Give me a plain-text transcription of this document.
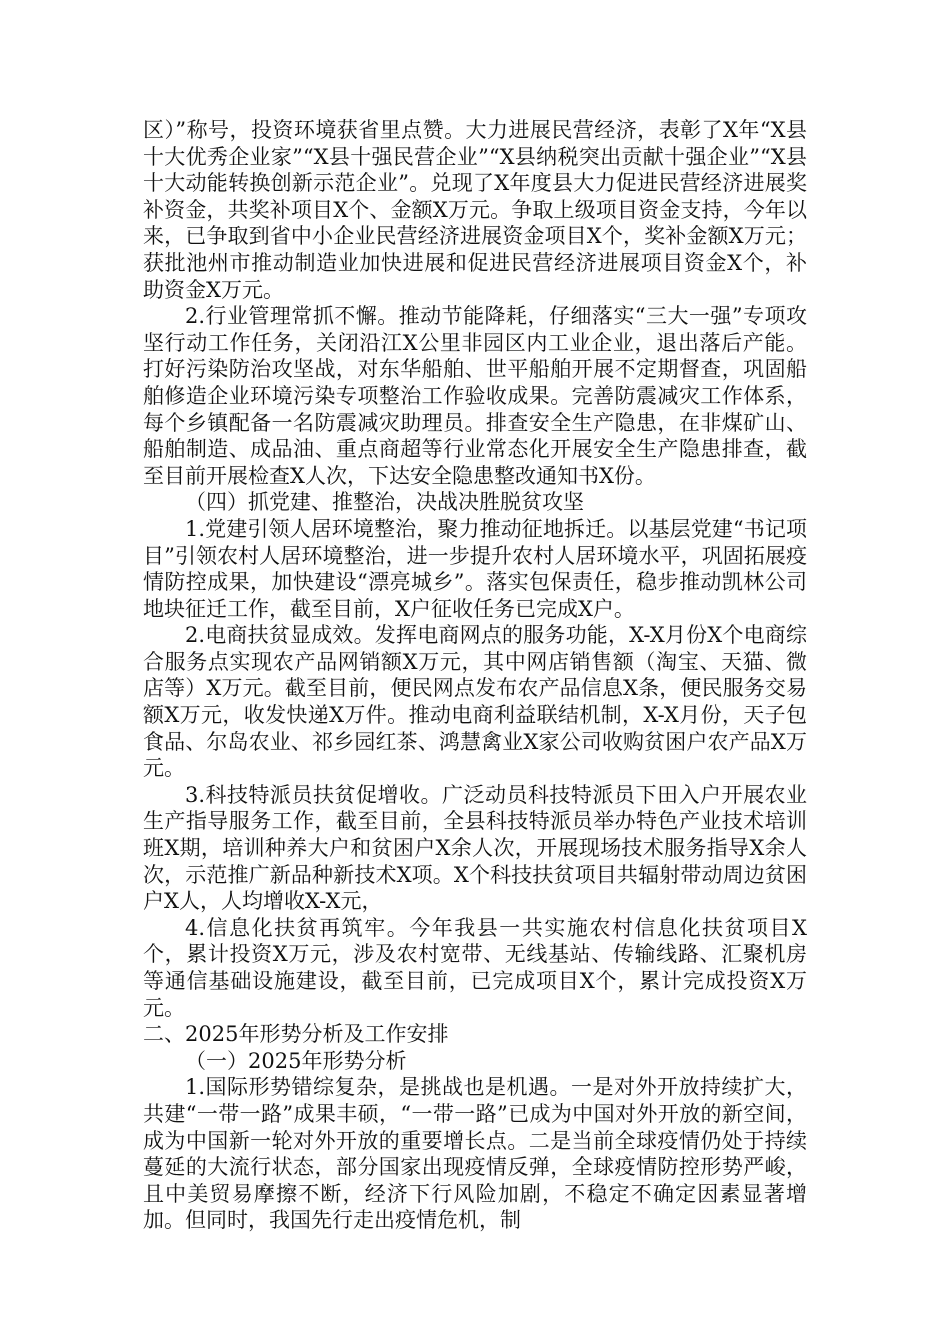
区）”称号，投资环境获省里点赞。大力进展民营经济，表彰了X年“X县十大优秀企业家”“X县十强民营企业”“X县纳税突出贡献十强企业”“X县十大动能转换创新示范企业”。兑现了X年度县大力促进民营经济进展奖补资金，共奖补项目X个、金额X万元。争取上级项目资金支持，今年以来，已争取到省中小企业民营经济进展资金项目X个，奖补金额X万元；获批池州市推动制造业加快进展和促进民营经济进展项目资金X个，补助资金X万元。

2.行业管理常抓不懈。推动节能降耗，仔细落实“三大一强”专项攻坚行动工作任务，关闭沿江X公里非园区内工业企业，退出落后产能。打好污染防治攻坚战，对东华船舶、世平船舶开展不定期督查，巩固船舶修造企业环境污染专项整治工作验收成果。完善防震减灾工作体系，每个乡镇配备一名防震减灾助理员。排查安全生产隐患，在非煤矿山、船舶制造、成品油、重点商超等行业常态化开展安全生产隐患排查，截至目前开展检查X人次，下达安全隐患整改通知书X份。

（四）抓党建、推整治，决战决胜脱贫攻坚

1.党建引领人居环境整治，聚力推动征地拆迁。以基层党建“书记项目”引领农村人居环境整治，进一步提升农村人居环境水平，巩固拓展疫情防控成果，加快建设“漂亮城乡”。落实包保责任，稳步推动凯林公司地块征迁工作，截至目前，X户征收任务已完成X户。

2.电商扶贫显成效。发挥电商网点的服务功能，X-X月份X个电商综合服务点实现农产品网销额X万元，其中网店销售额（淘宝、天猫、微店等）X万元。截至目前，便民网点发布农产品信息X条，便民服务交易额X万元，收发快递X万件。推动电商利益联结机制，X-X月份，天子包食品、尔岛农业、祁乡园红茶、鸿慧禽业X家公司收购贫困户农产品X万元。

3.科技特派员扶贫促增收。广泛动员科技特派员下田入户开展农业生产指导服务工作，截至目前，全县科技特派员举办特色产业技术培训班X期，培训种养大户和贫困户X余人次，开展现场技术服务指导X余人次，示范推广新品种新技术X项。X个科技扶贫项目共辐射带动周边贫困户X人，人均增收X-X元，

4.信息化扶贫再筑牢。今年我县一共实施农村信息化扶贫项目X个，累计投资X万元，涉及农村宽带、无线基站、传输线路、汇聚机房等通信基础设施建设，截至目前，已完成项目X个，累计完成投资X万元。

二、2025年形势分析及工作安排

（一）2025年形势分析

1.国际形势错综复杂，是挑战也是机遇。一是对外开放持续扩大，共建“一带一路”成果丰硕，“一带一路”已成为中国对外开放的新空间，成为中国新一轮对外开放的重要增长点。二是当前全球疫情仍处于持续蔓延的大流行状态，部分国家出现疫情反弹，全球疫情防控形势严峻，且中美贸易摩擦不断，经济下行风险加剧，不稳定不确定因素显著增加。但同时，我国先行走出疫情危机，制
